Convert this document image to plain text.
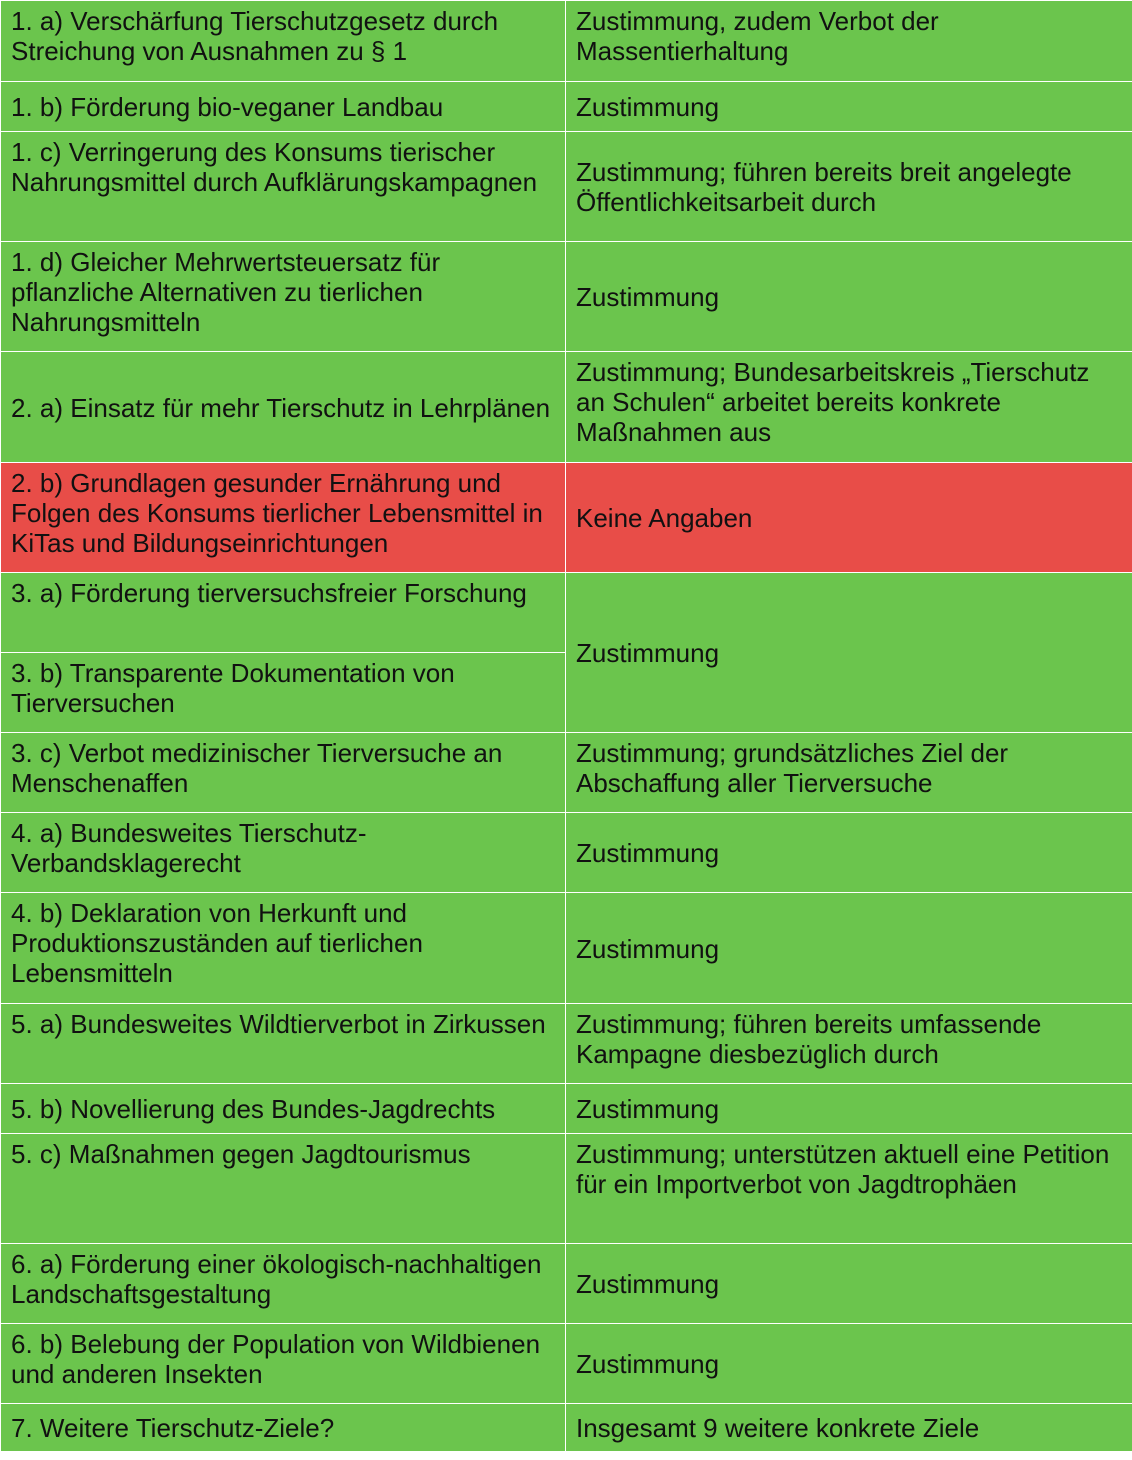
1. a) Verschärfung Tierschutzgesetz durch Streichung von Ausnahmen zu § 1	Zustimmung, zudem Verbot der Massentierhaltung
1. b) Förderung bio-veganer Landbau	Zustimmung
1. c) Verringerung des Konsums tierischer Nahrungsmittel durch Aufklärungskampagnen	Zustimmung; führen bereits breit angelegte Öffentlichkeitsarbeit durch
1. d) Gleicher Mehrwertsteuersatz für pflanzliche Alternativen zu tierlichen Nahrungsmitteln	Zustimmung
2. a) Einsatz für mehr Tierschutz in Lehrplänen	Zustimmung; Bundesarbeitskreis „Tierschutz an Schulen“ arbeitet bereits konkrete Maßnahmen aus
2. b) Grundlagen gesunder Ernährung und Folgen des Konsums tierlicher Lebensmittel in KiTas und Bildungseinrichtungen	Keine Angaben
3. a) Förderung tierversuchsfreier Forschung	Zustimmung
3. b) Transparente Dokumentation von Tierversuchen	
3. c) Verbot medizinischer Tierversuche an Menschenaffen	Zustimmung; grundsätzliches Ziel der Abschaffung aller Tierversuche
4. a) Bundesweites Tierschutz-Verbandsklagerecht	Zustimmung
4. b) Deklaration von Herkunft und Produktionszuständen auf tierlichen Lebensmitteln	Zustimmung
5. a) Bundesweites Wildtierverbot in Zirkussen	Zustimmung; führen bereits umfassende Kampagne diesbezüglich durch
5. b) Novellierung des Bundes-Jagdrechts	Zustimmung
5. c) Maßnahmen gegen Jagdtourismus	Zustimmung; unterstützen aktuell eine Petition für ein Importverbot von Jagdtrophäen
6. a) Förderung einer ökologisch-nachhaltigen Landschaftsgestaltung	Zustimmung
6. b) Belebung der Population von Wildbienen und anderen Insekten	Zustimmung
7. Weitere Tierschutz-Ziele?	Insgesamt 9 weitere konkrete Ziele
